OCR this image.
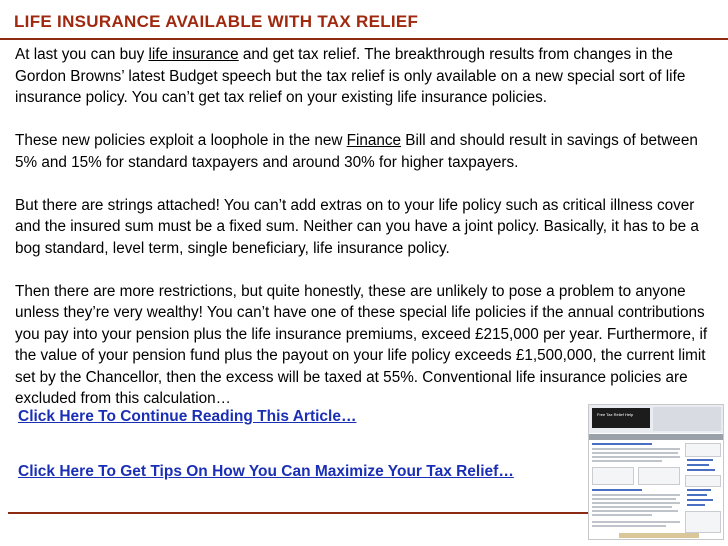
LIFE INSURANCE AVAILABLE WITH TAX RELIEF

At last you can buy life insurance and get tax relief. The breakthrough results from changes in the Gordon Browns’ latest Budget speech but the tax relief is only available on a new special sort of life insurance policy. You can’t get tax relief on your existing life insurance policies.

These new policies exploit a loophole in the new Finance Bill and should result in savings of between 5% and 15% for standard taxpayers and around 30% for higher taxpayers.

But there are strings attached! You can’t add extras on to your life policy such as critical illness cover and the insured sum must be a fixed sum. Neither can you have a joint policy. Basically, it has to be a bog standard, level term, single beneficiary, life insurance policy.

Then there are more restrictions, but quite honestly, these are unlikely to pose a problem to anyone unless they’re very wealthy! You can’t have one of these special life policies if the annual contributions you pay into your pension plus the life insurance premiums, exceed £215,000 per year. Furthermore, if the value of your pension fund plus the payout on your life policy exceeds £1,500,000, the current limit set by the Chancellor, then the excess will be taxed at 55%. Conventional life insurance policies are excluded from this calculation…

Click Here To Continue Reading This Article…
Click Here To Get Tips On How You Can Maximize Your Tax Relief…
Free Tax Relief Help
